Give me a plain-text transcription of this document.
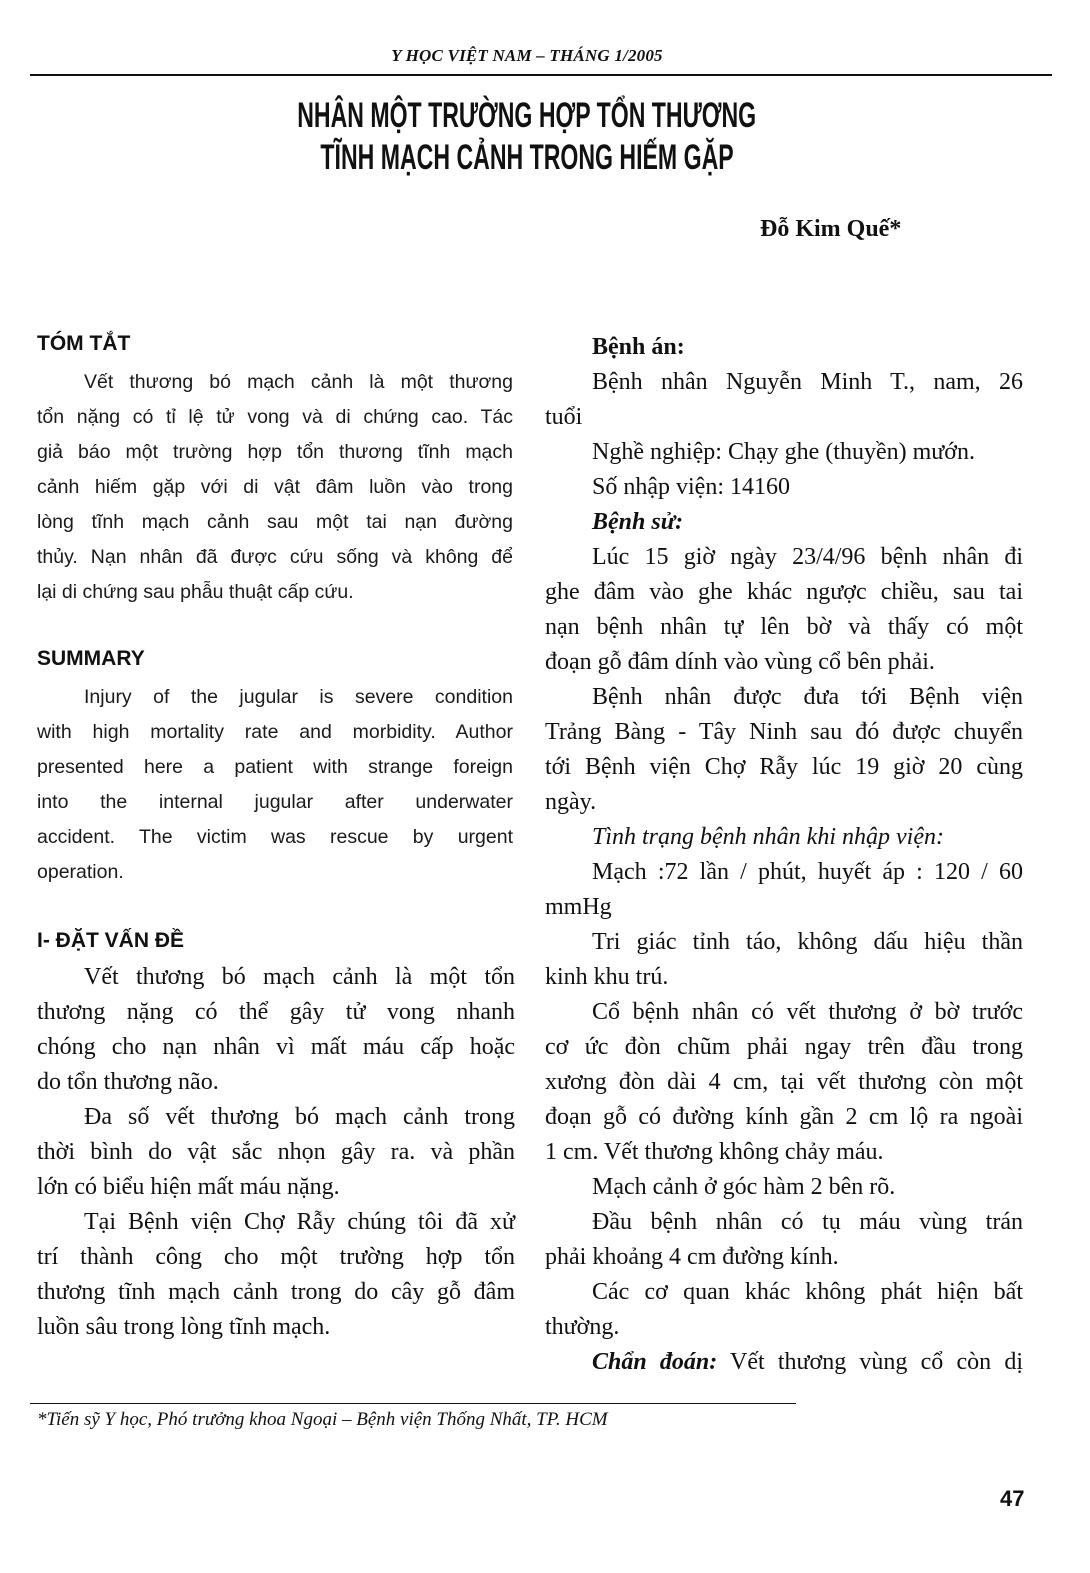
Y HỌC VIỆT NAM – THÁNG 1/2005
NHÂN MỘT TRƯỜNG HỢP TỔN THƯƠNG
TĨNH MẠCH CẢNH TRONG HIẾM GẶP
Đỗ Kim Quế*
TÓM TẮT
Vết thương bó mạch cảnh là một thương
tổn nặng có tỉ lệ tử vong và di chứng cao. Tác
giả báo một trường hợp tổn thương tĩnh mạch
cảnh hiếm gặp với di vật đâm luồn vào trong
lòng tĩnh mạch cảnh sau một tai nạn đường
thủy. Nạn nhân đã được cứu sống và không để
lại di chứng sau phẫu thuật cấp cứu.
SUMMARY
Injury of the jugular is severe condition
with high mortality rate and morbidity. Author
presented here a patient with strange foreign
into the internal jugular after underwater
accident. The victim was rescue by urgent
operation.
I- ĐẶT VẤN ĐỀ
Vết thương bó mạch cảnh là một tổn
thương nặng có thể gây tử vong nhanh
chóng cho nạn nhân vì mất máu cấp hoặc
do tổn thương não.
Đa số vết thương bó mạch cảnh trong
thời bình do vật sắc nhọn gây ra. và phần
lớn có biểu hiện mất máu nặng.
Tại Bệnh viện Chợ Rẫy chúng tôi đã xử
trí thành công cho một trường hợp tổn
thương tĩnh mạch cảnh trong do cây gỗ đâm
luồn sâu trong lòng tĩnh mạch.
Bệnh án:
Bệnh nhân Nguyễn Minh T., nam, 26
tuổi
Nghề nghiệp: Chạy ghe (thuyền) mướn.
Số nhập viện: 14160
Bệnh sử:
Lúc 15 giờ ngày 23/4/96 bệnh nhân đi
ghe đâm vào ghe khác ngược chiều, sau tai
nạn bệnh nhân tự lên bờ và thấy có một
đoạn gỗ đâm dính vào vùng cổ bên phải.
Bệnh nhân được đưa tới Bệnh viện
Trảng Bàng - Tây Ninh sau đó được chuyển
tới Bệnh viện Chợ Rẫy lúc 19 giờ 20 cùng
ngày.
Tình trạng bệnh nhân khi nhập viện:
Mạch :72 lần / phút, huyết áp : 120 / 60
mmHg
Tri giác tỉnh táo, không dấu hiệu thần
kinh khu trú.
Cổ bệnh nhân có vết thương ở bờ trước
cơ ức đòn chũm phải ngay trên đầu trong
xương đòn dài 4 cm, tại vết thương còn một
đoạn gỗ có đường kính gần 2 cm lộ ra ngoài
1 cm. Vết thương không chảy máu.
Mạch cảnh ở góc hàm 2 bên rõ.
Đầu bệnh nhân có tụ máu vùng trán
phải khoảng 4 cm đường kính.
Các cơ quan khác không phát hiện bất
thường.
Chẩn đoán: Vết thương vùng cổ còn dị
*Tiến sỹ Y học, Phó trưởng khoa Ngoại – Bệnh viện Thống Nhất, TP. HCM
47
